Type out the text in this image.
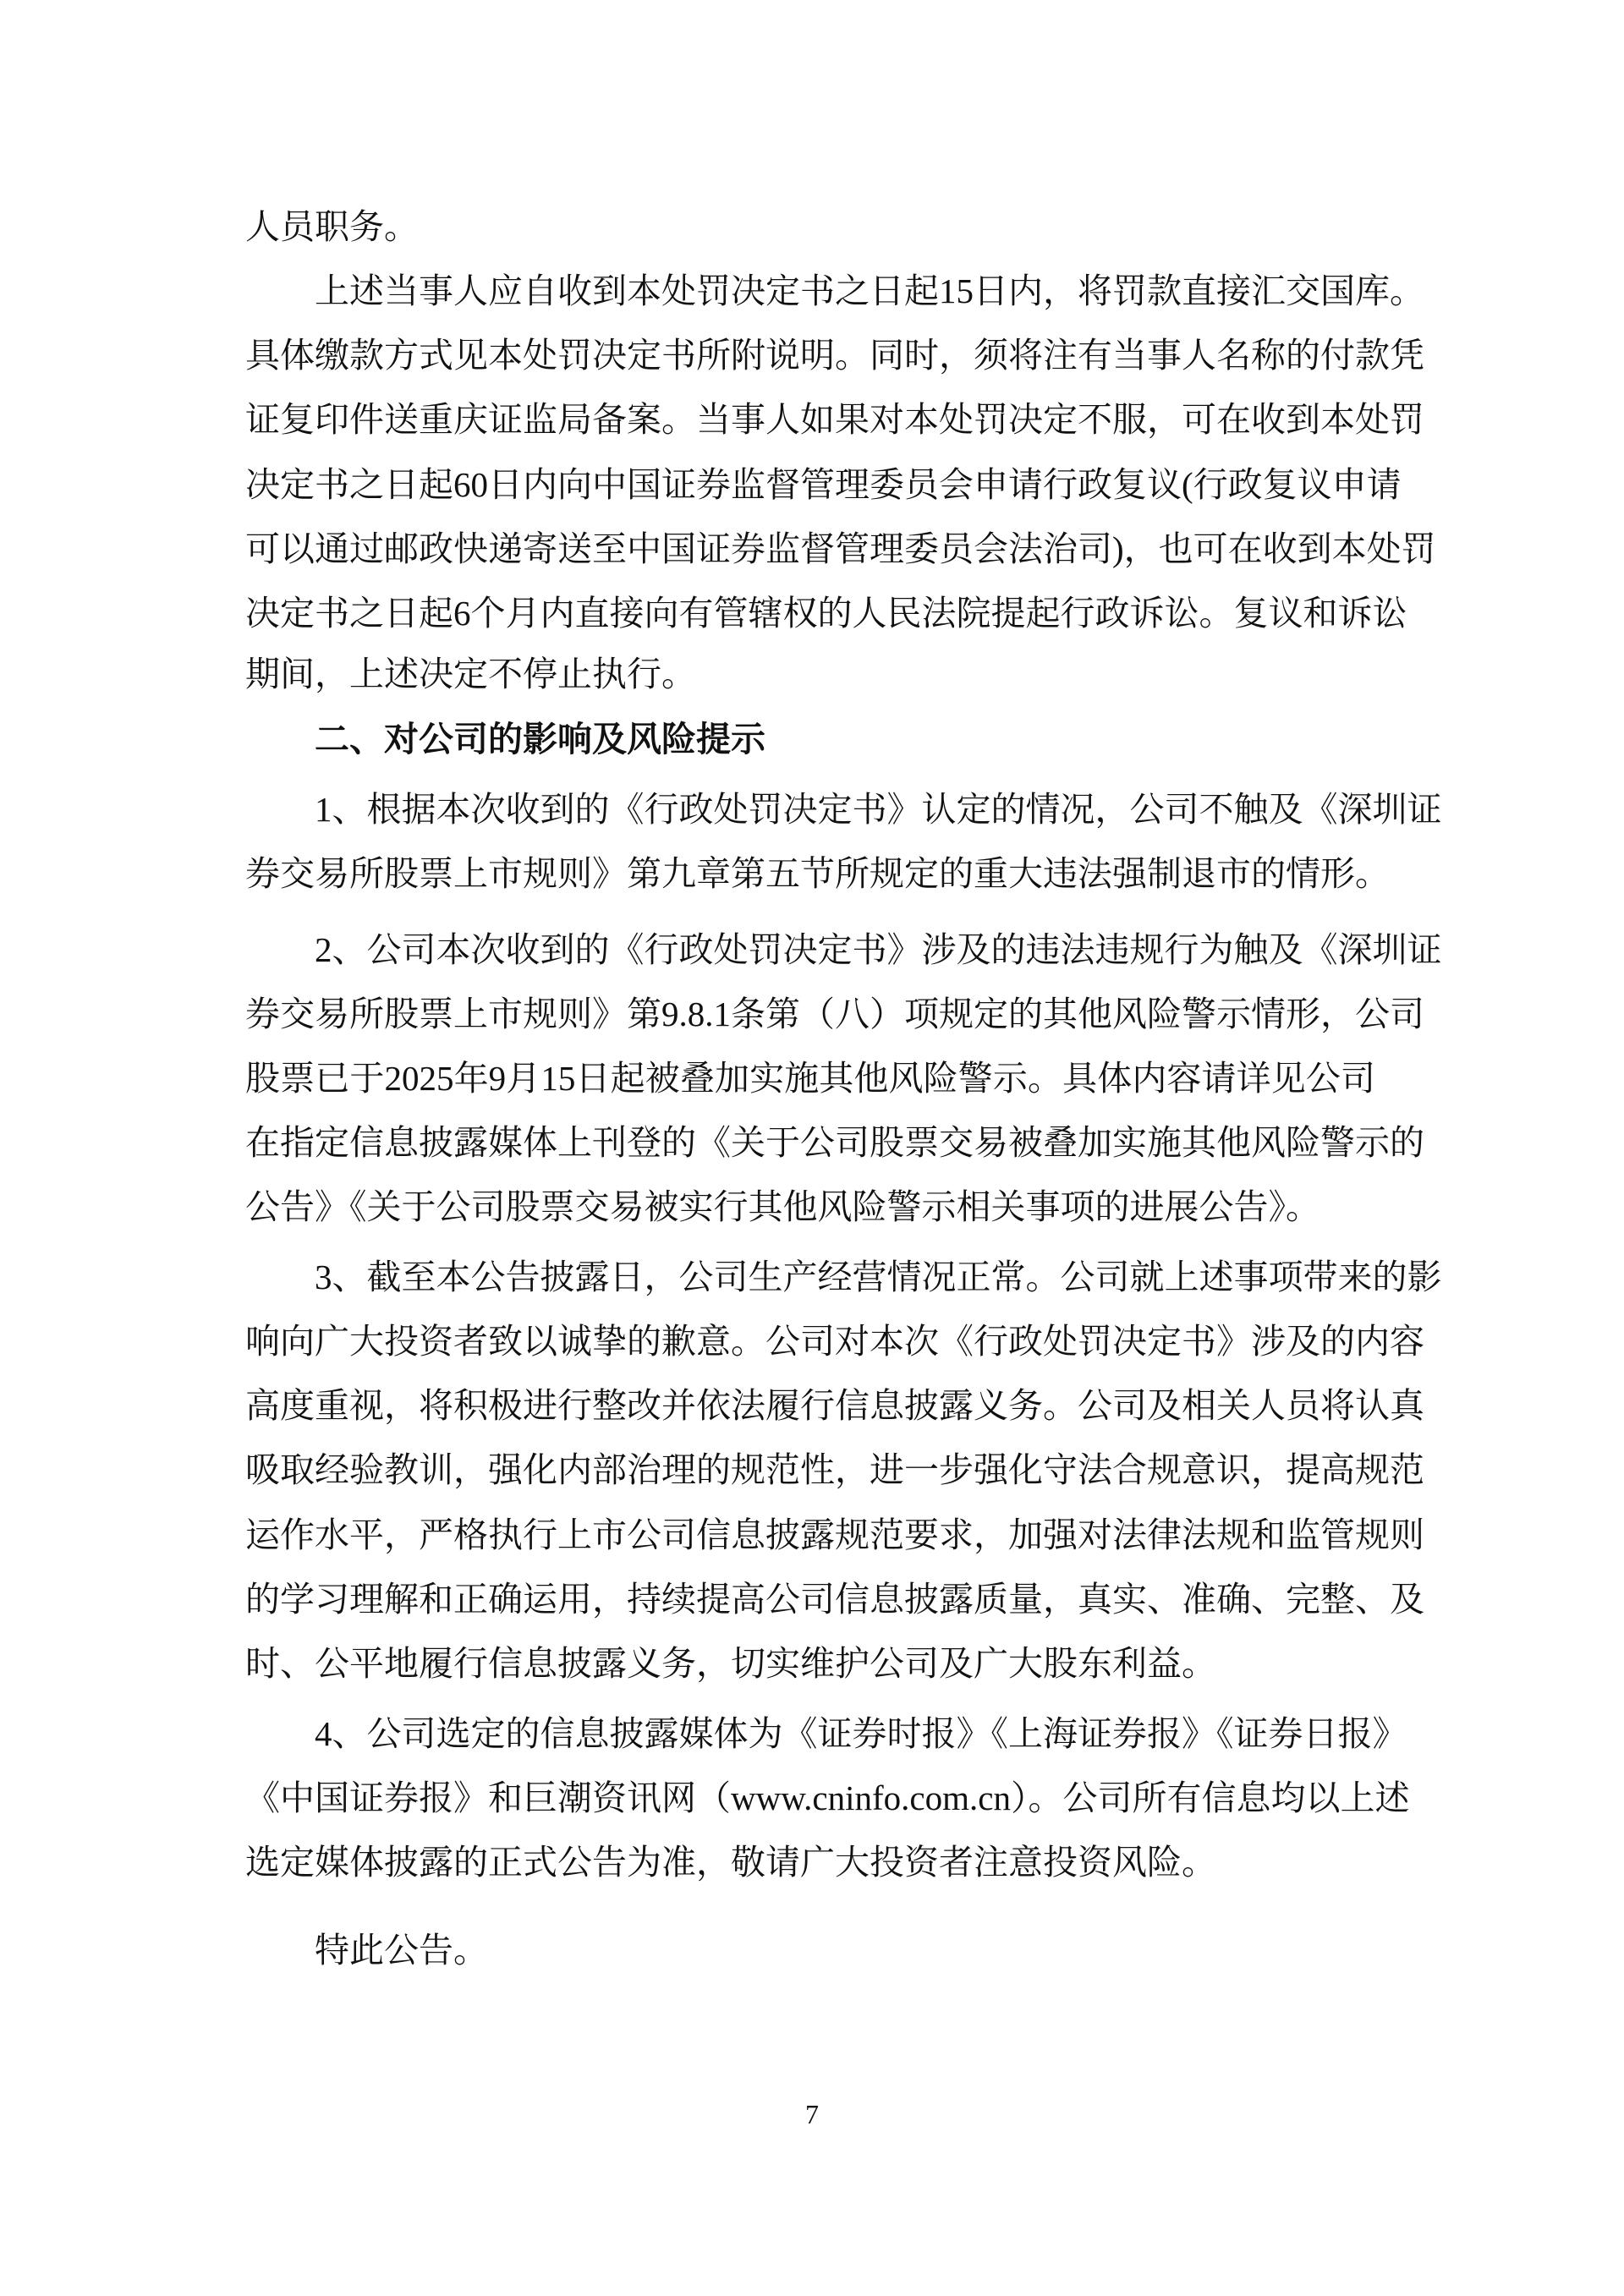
人员职务。
上述当事人应自收到本处罚决定书之日起15日内，将罚款直接汇交国库。
具体缴款方式见本处罚决定书所附说明。同时，须将注有当事人名称的付款凭
证复印件送重庆证监局备案。当事人如果对本处罚决定不服，可在收到本处罚
决定书之日起60日内向中国证券监督管理委员会申请行政复议(行政复议申请
可以通过邮政快递寄送至中国证券监督管理委员会法治司)，也可在收到本处罚
决定书之日起6个月内直接向有管辖权的人民法院提起行政诉讼。复议和诉讼
期间，上述决定不停止执行。
二、对公司的影响及风险提示
1、根据本次收到的《行政处罚决定书》认定的情况，公司不触及《深圳证
券交易所股票上市规则》第九章第五节所规定的重大违法强制退市的情形。
2、公司本次收到的《行政处罚决定书》涉及的违法违规行为触及《深圳证
券交易所股票上市规则》第9.8.1条第（八）项规定的其他风险警示情形，公司
股票已于2025年9月15日起被叠加实施其他风险警示。具体内容请详见公司
在指定信息披露媒体上刊登的《关于公司股票交易被叠加实施其他风险警示的
公告》《关于公司股票交易被实行其他风险警示相关事项的进展公告》。
3、截至本公告披露日，公司生产经营情况正常。公司就上述事项带来的影
响向广大投资者致以诚挚的歉意。公司对本次《行政处罚决定书》涉及的内容
高度重视，将积极进行整改并依法履行信息披露义务。公司及相关人员将认真
吸取经验教训，强化内部治理的规范性，进一步强化守法合规意识，提高规范
运作水平，严格执行上市公司信息披露规范要求，加强对法律法规和监管规则
的学习理解和正确运用，持续提高公司信息披露质量，真实、准确、完整、及
时、公平地履行信息披露义务，切实维护公司及广大股东利益。
4、公司选定的信息披露媒体为《证券时报》《上海证券报》《证券日报》
《中国证券报》和巨潮资讯网（www.cninfo.com.cn）。公司所有信息均以上述
选定媒体披露的正式公告为准，敬请广大投资者注意投资风险。
特此公告。
7
